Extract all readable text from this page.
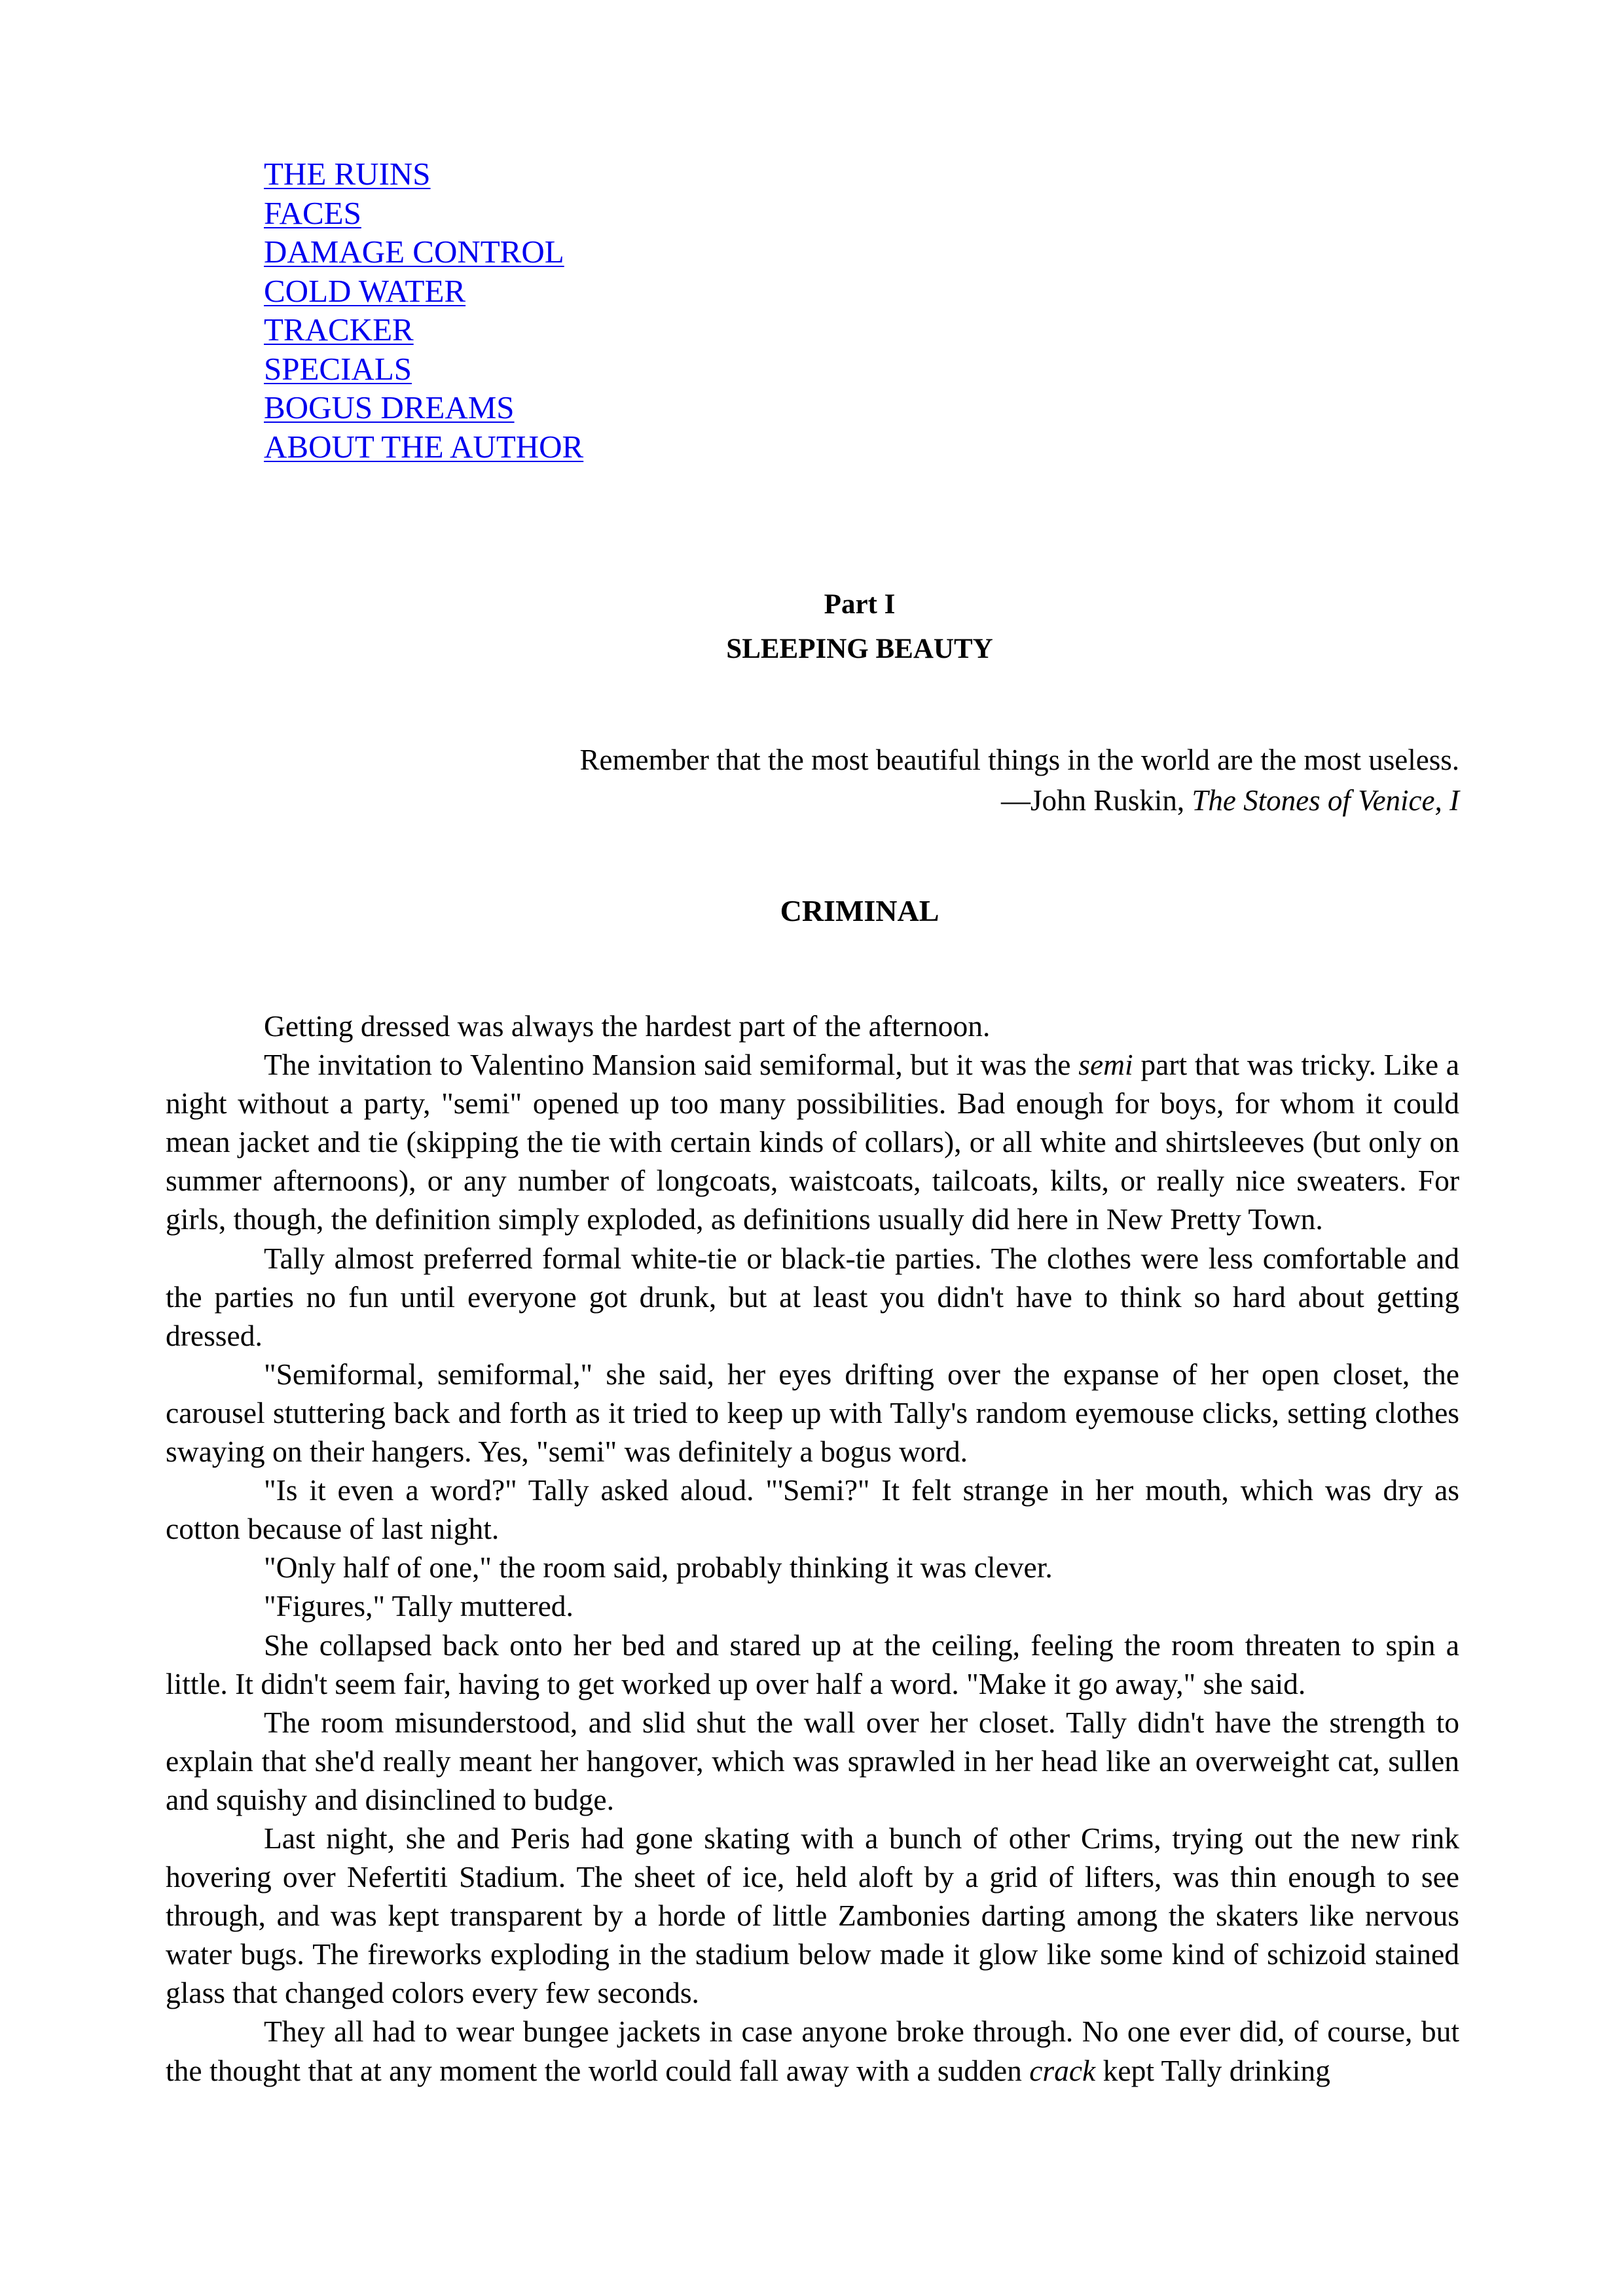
THE RUINS
FACES
DAMAGE CONTROL
COLD WATER
TRACKER
SPECIALS
BOGUS DREAMS
ABOUT THE AUTHOR
Part I
SLEEPING BEAUTY
Remember that the most beautiful things in the world are the most useless.
—John Ruskin, The Stones of Venice, I
CRIMINAL

Getting dressed was always the hardest part of the afternoon.

The invitation to Valentino Mansion said semiformal, but it was the semi part that was tricky. Like a night without a party, "semi" opened up too many possibilities. Bad enough for boys, for whom it could mean jacket and tie (skipping the tie with certain kinds of collars), or all white and shirtsleeves (but only on summer afternoons), or any number of longcoats, waistcoats, tailcoats, kilts, or really nice sweaters. For girls, though, the definition simply exploded, as definitions usually did here in New Pretty Town.

Tally almost preferred formal white-tie or black-tie parties. The clothes were less comfortable and the parties no fun until everyone got drunk, but at least you didn't have to think so hard about getting dressed.

"Semiformal, semiformal," she said, her eyes drifting over the expanse of her open closet, the carousel stuttering back and forth as it tried to keep up with Tally's random eyemouse clicks, setting clothes swaying on their hangers. Yes, "semi" was definitely a bogus word.

"Is it even a word?" Tally asked aloud. "'Semi?" It felt strange in her mouth, which was dry as cotton because of last night.

"Only half of one," the room said, probably thinking it was clever.

"Figures," Tally muttered.

She collapsed back onto her bed and stared up at the ceiling, feeling the room threaten to spin a little. It didn't seem fair, having to get worked up over half a word. "Make it go away," she said.

The room misunderstood, and slid shut the wall over her closet. Tally didn't have the strength to explain that she'd really meant her hangover, which was sprawled in her head like an overweight cat, sullen and squishy and disinclined to budge.

Last night, she and Peris had gone skating with a bunch of other Crims, trying out the new rink hovering over Nefertiti Stadium. The sheet of ice, held aloft by a grid of lifters, was thin enough to see through, and was kept transparent by a horde of little Zambonies darting among the skaters like nervous water bugs. The fireworks exploding in the stadium below made it glow like some kind of schizoid stained glass that changed colors every few seconds.

They all had to wear bungee jackets in case anyone broke through. No one ever did, of course, but the thought that at any moment the world could fall away with a sudden crack kept Tally drinking
